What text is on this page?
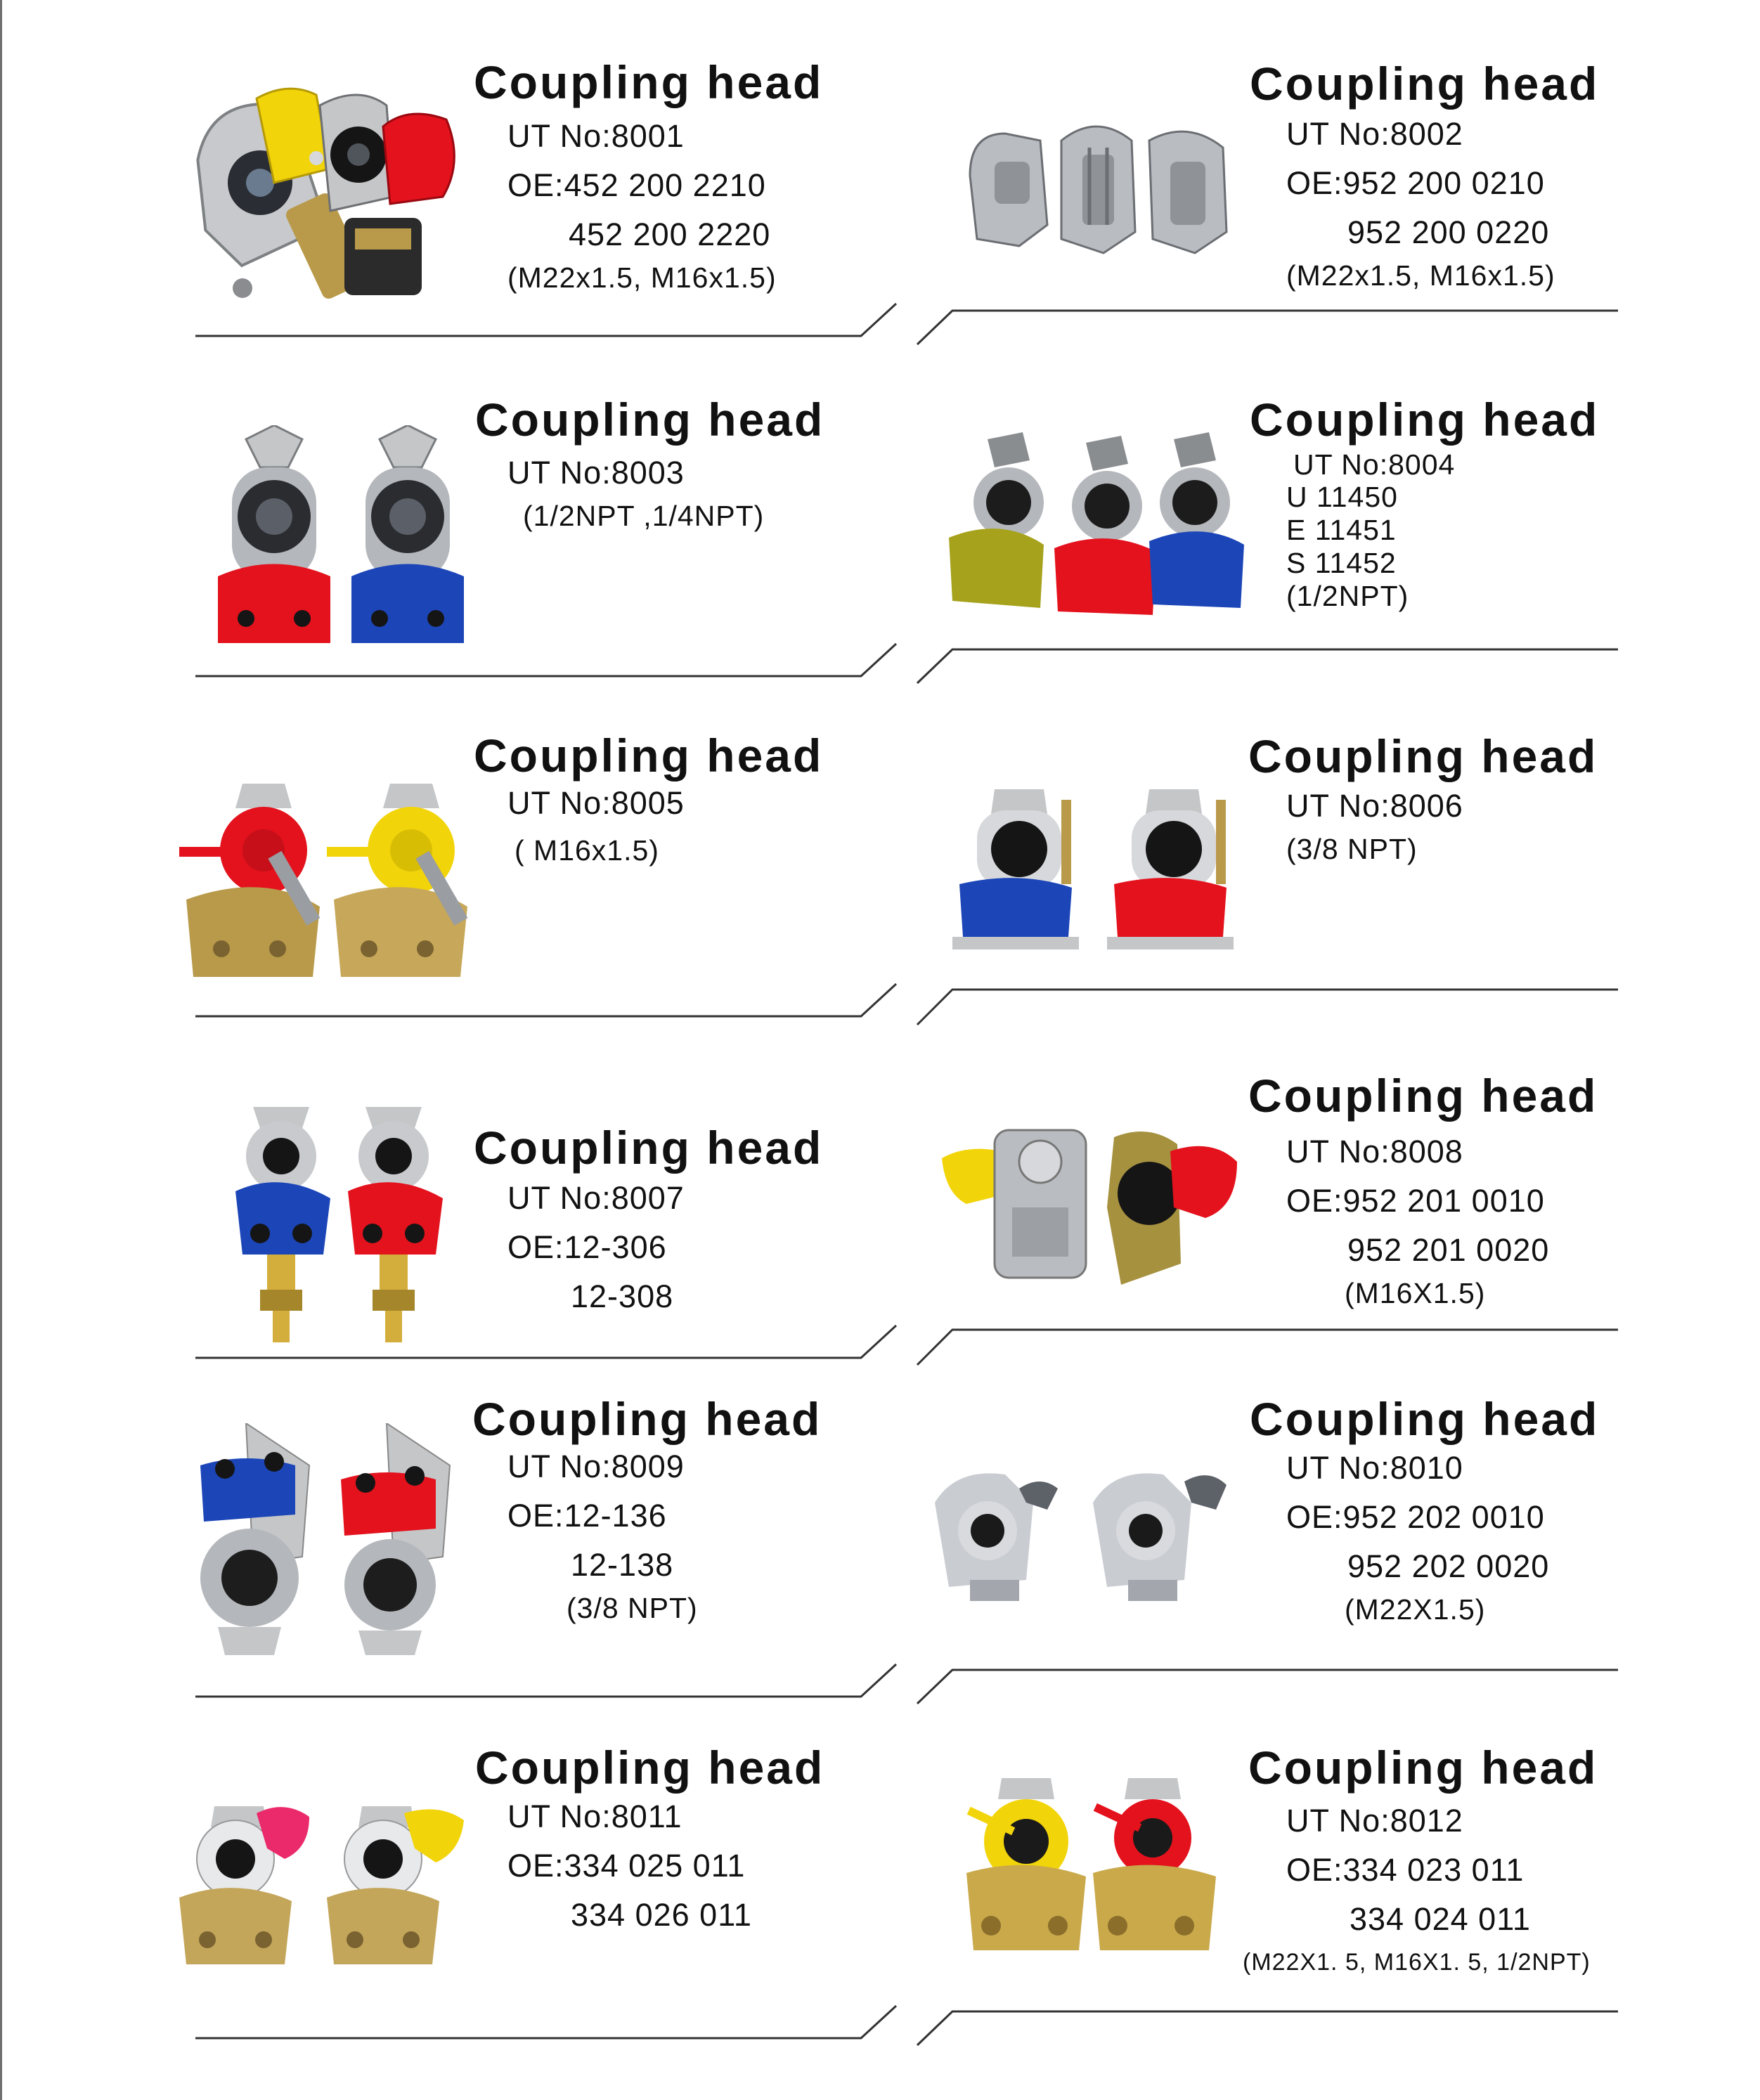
Coupling head
UT No:8001
OE:452 200 2210
452 200 2220
(M22x1.5, M16x1.5)
Coupling head
UT No:8002
OE:952 200 0210
952 200 0220
(M22x1.5, M16x1.5)
Coupling head
UT No:8003
(1/2NPT ,1/4NPT)
Coupling head
UT No:8004
U 11450
E 11451
S 11452
(1/2NPT)
Coupling head
UT No:8005
( M16x1.5)
Coupling head
UT No:8006
(3/8 NPT)
Coupling head
UT No:8007
OE:12-306
12-308
Coupling head
UT No:8008
OE:952 201 0010
952 201 0020
(M16X1.5)
Coupling head
UT No:8009
OE:12-136
12-138
(3/8 NPT)
Coupling head
UT No:8010
OE:952 202 0010
952 202 0020
(M22X1.5)
Coupling head
UT No:8011
OE:334 025 011
334 026 011
Coupling head
UT No:8012
OE:334 023 011
334 024 011
(M22X1. 5, M16X1. 5, 1/2NPT)
